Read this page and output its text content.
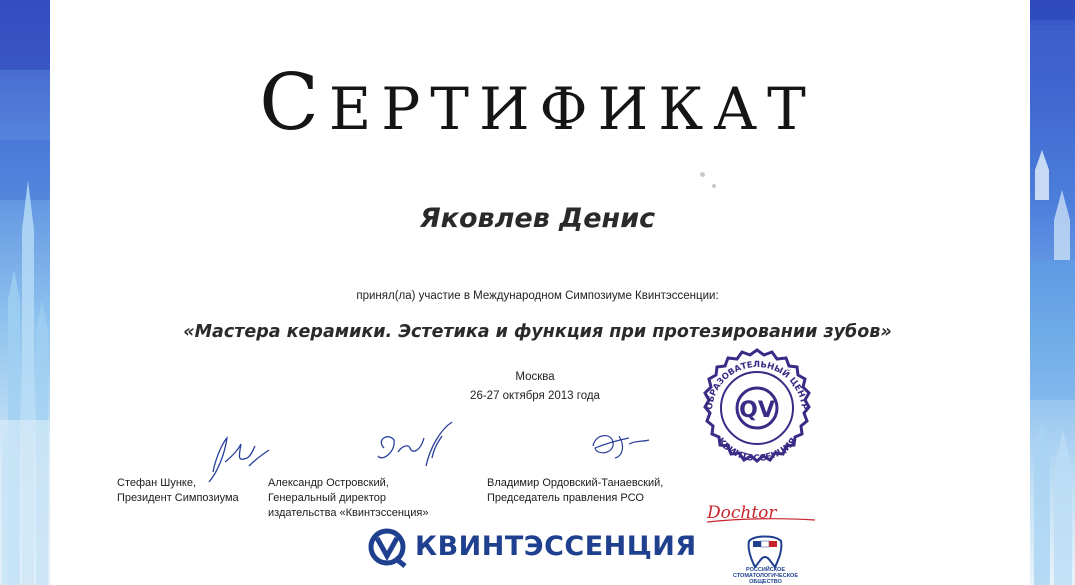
СЕРТИФИКАТ
Яковлев Денис
принял(ла) участие в Международном Симпозиуме Квинтэссенции:
«Мастера керамики. Эстетика и функция при протезировании зубов»
Москва
26-27 октября 2013 года
Стефан Шунке,
Президент Симпозиума
Александр Островский,
Генеральный директор
издательства «Квинтэссенция»
Владимир Ордовский-Танаевский,
Председатель правления РСО
ОБРАЗОВАТЕЛЬНЫЙ ЦЕНТР
КВИНТЭССЕНЦИЯ
QV
КВИНТЭССЕНЦИЯ
Dochtor
РОССИЙСКОЕ СТОМАТОЛОГИЧЕСКОЕ ОБЩЕСТВО
